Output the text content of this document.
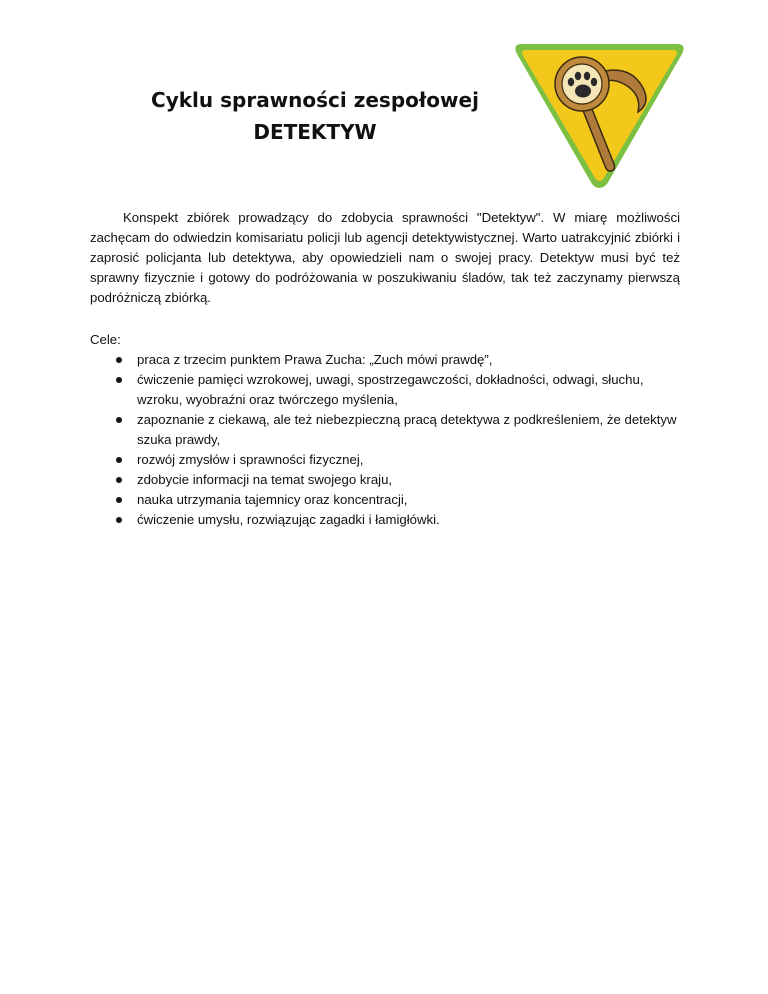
Cyklu sprawności zespołowej
DETEKTYW

Konspekt zbiórek prowadzący do zdobycia sprawności "Detektyw". W miarę możliwości zachęcam do odwiedzin komisariatu policji lub agencji detektywistycznej. Warto uatrakcyjnić zbiórki i zaprosić policjanta lub detektywa, aby opowiedzieli nam o swojej pracy. Detektyw musi być też sprawny fizycznie i gotowy do podróżowania w poszukiwaniu śladów, tak też zaczynamy pierwszą podróżniczą zbiórką.

Cele:

praca z trzecim punktem Prawa Zucha: „Zuch mówi prawdę”,
ćwiczenie pamięci wzrokowej, uwagi, spostrzegawczości, dokładności, odwagi, słuchu, wzroku, wyobraźni oraz twórczego myślenia,
zapoznanie z ciekawą, ale też niebezpieczną pracą detektywa z podkreśleniem, że detektyw szuka prawdy,
rozwój zmysłów i sprawności fizycznej,
zdobycie informacji na temat swojego kraju,
nauka utrzymania tajemnicy oraz koncentracji,
ćwiczenie umysłu, rozwiązując zagadki i łamigłówki.
